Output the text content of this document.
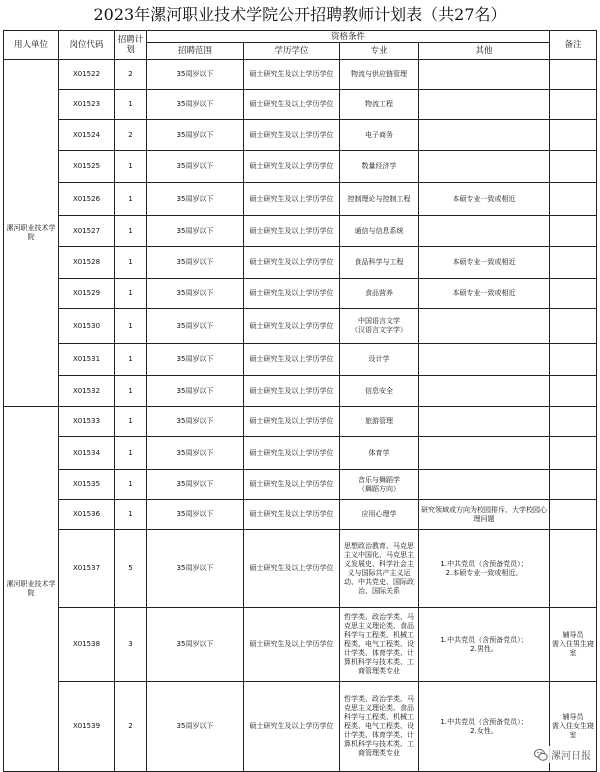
2023年漯河职业技术学院公开招聘教师计划表（共27名）
用人单位	岗位代码	招聘计划	资格条件				备注
			招聘范围	学历学位	专业	其他	
漯河职业技术学院	X01522	2	35周岁以下	硕士研究生及以上学历学位	物流与供应链管理		
	X01523	1	35周岁以下	硕士研究生及以上学历学位	物流工程		
	X01524	2	35周岁以下	硕士研究生及以上学历学位	电子商务		
	X01525	1	35周岁以下	硕士研究生及以上学历学位	数量经济学		
	X01526	1	35周岁以下	硕士研究生及以上学历学位	控制理论与控制工程	本硕专业一致或相近	
	X01527	1	35周岁以下	硕士研究生及以上学历学位	通信与信息系统		
	X01528	1	35周岁以下	硕士研究生及以上学历学位	食品科学与工程	本硕专业一致或相近	
	X01529	1	35周岁以下	硕士研究生及以上学历学位	食品营养	本硕专业一致或相近	
	X01530	1	35周岁以下	硕士研究生及以上学历学位	中国语言文学
（汉语言文字学）		
	X01531	1	35周岁以下	硕士研究生及以上学历学位	设计学		
	X01532	1	35周岁以下	硕士研究生及以上学历学位	信息安全		
漯河职业技术学院	X01533	1	35周岁以下	硕士研究生及以上学历学位	旅游管理		
	X01534	1	35周岁以下	硕士研究生及以上学历学位	体育学		
	X01535	1	35周岁以下	硕士研究生及以上学历学位	音乐与舞蹈学
（舞蹈方向）		
	X01536	1	35周岁以下	硕士研究生及以上学历学位	应用心理学	研究领域或方向为校园排斥、大学校园心理问题	
	X01537	5	35周岁以下	硕士研究生及以上学历学位	思想政治教育、马克思主义中国化、马克思主义发展史、科学社会主义与国际共产主义运动、中共党史、国际政治、国际关系	1.中共党员（含预备党员）；
2.本硕专业一致或相近。	
	X01538	3	35周岁以下	硕士研究生及以上学历学位	哲学类、政治学类、马克思主义理论类、食品科学与工程类、机械工程类、电气工程类、设计学类、体育学类、计算机科学与技术类、工商管理类专业	1.中共党员（含预备党员）；
2.男性。	辅导员
需入住男生寝室
	X01539	2	35周岁以下	硕士研究生及以上学历学位	哲学类、政治学类、马克思主义理论类、食品科学与工程类、机械工程类、电气工程类、设计学类、体育学类、计算机科学与技术类、工商管理类专业	1.中共党员（含预备党员）；
2.女性。	辅导员
需入住女生寝室
漯河日报
